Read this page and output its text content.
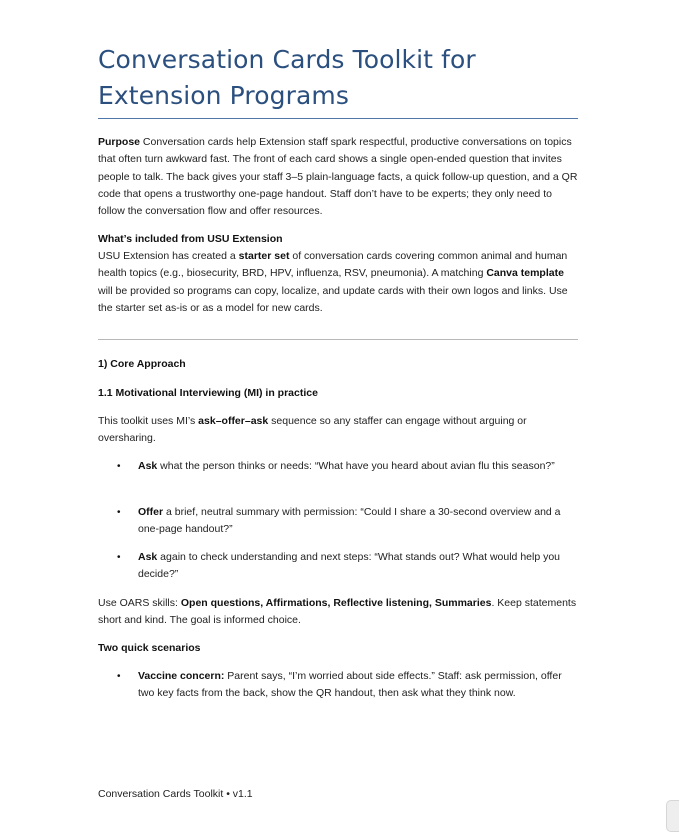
Conversation Cards Toolkit for Extension Programs

Purpose Conversation cards help Extension staff spark respectful, productive conversations on topics that often turn awkward fast. The front of each card shows a single open-ended question that invites people to talk. The back gives your staff 3–5 plain-language facts, a quick follow-up question, and a QR code that opens a trustworthy one-page handout. Staff don’t have to be experts; they only need to follow the conversation flow and offer resources.

What’s included from USU Extension

USU Extension has created a starter set of conversation cards covering common animal and human health topics (e.g., biosecurity, BRD, HPV, influenza, RSV, pneumonia). A matching Canva template will be provided so programs can copy, localize, and update cards with their own logos and links. Use the starter set as-is or as a model for new cards.

1) Core Approach

1.1 Motivational Interviewing (MI) in practice

This toolkit uses MI’s ask–offer–ask sequence so any staffer can engage without arguing or oversharing.

• Ask what the person thinks or needs: “What have you heard about avian flu this season?”

• Offer a brief, neutral summary with permission: “Could I share a 30-second overview and a one-page handout?”

• Ask again to check understanding and next steps: “What stands out? What would help you decide?”

Use OARS skills: Open questions, Affirmations, Reflective listening, Summaries. Keep statements short and kind. The goal is informed choice.

Two quick scenarios

• Vaccine concern: Parent says, “I’m worried about side effects.” Staff: ask permission, offer two key facts from the back, show the QR handout, then ask what they think now.

Conversation Cards Toolkit • v1.1
